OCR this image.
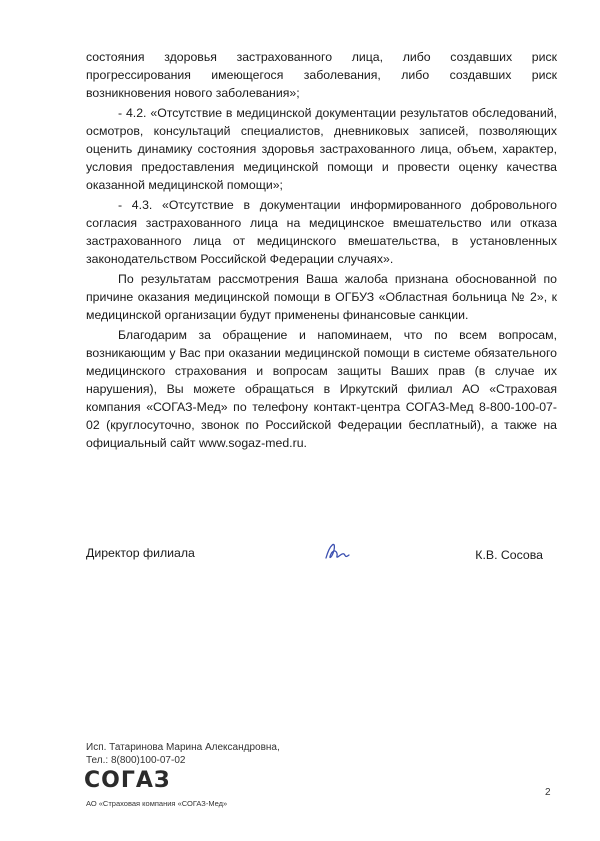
состояния здоровья застрахованного лица, либо создавших риск прогрессирования имеющегося заболевания, либо создавших риск возникновения нового заболевания»;

- 4.2. «Отсутствие в медицинской документации результатов обследований, осмотров, консультаций специалистов, дневниковых записей, позволяющих оценить динамику состояния здоровья застрахованного лица, объем, характер, условия предоставления медицинской помощи и провести оценку качества оказанной медицинской помощи»;

- 4.3. «Отсутствие в документации информированного добровольного согласия застрахованного лица на медицинское вмешательство или отказа застрахованного лица от медицинского вмешательства, в установленных законодательством Российской Федерации случаях».

По результатам рассмотрения Ваша жалоба признана обоснованной по причине оказания медицинской помощи в ОГБУЗ «Областная больница № 2», к медицинской организации будут применены финансовые санкции.

Благодарим за обращение и напоминаем, что по всем вопросам, возникающим у Вас при оказании медицинской помощи в системе обязательного медицинского страхования и вопросам защиты Ваших прав (в случае их нарушения), Вы можете обращаться в Иркутский филиал АО «Страховая компания «СОГАЗ-Мед» по телефону контакт-центра СОГАЗ-Мед 8-800-100-07-02 (круглосуточно, звонок по Российской Федерации бесплатный), а также на официальный сайт www.sogaz-med.ru.

Директор филиала	К.В. Сосова
Исп. Татаринова Марина Александровна,
Тел.: 8(800)100-07-02
СОГАЗ
АО «Страховая компания «СОГАЗ-Мед»
2
